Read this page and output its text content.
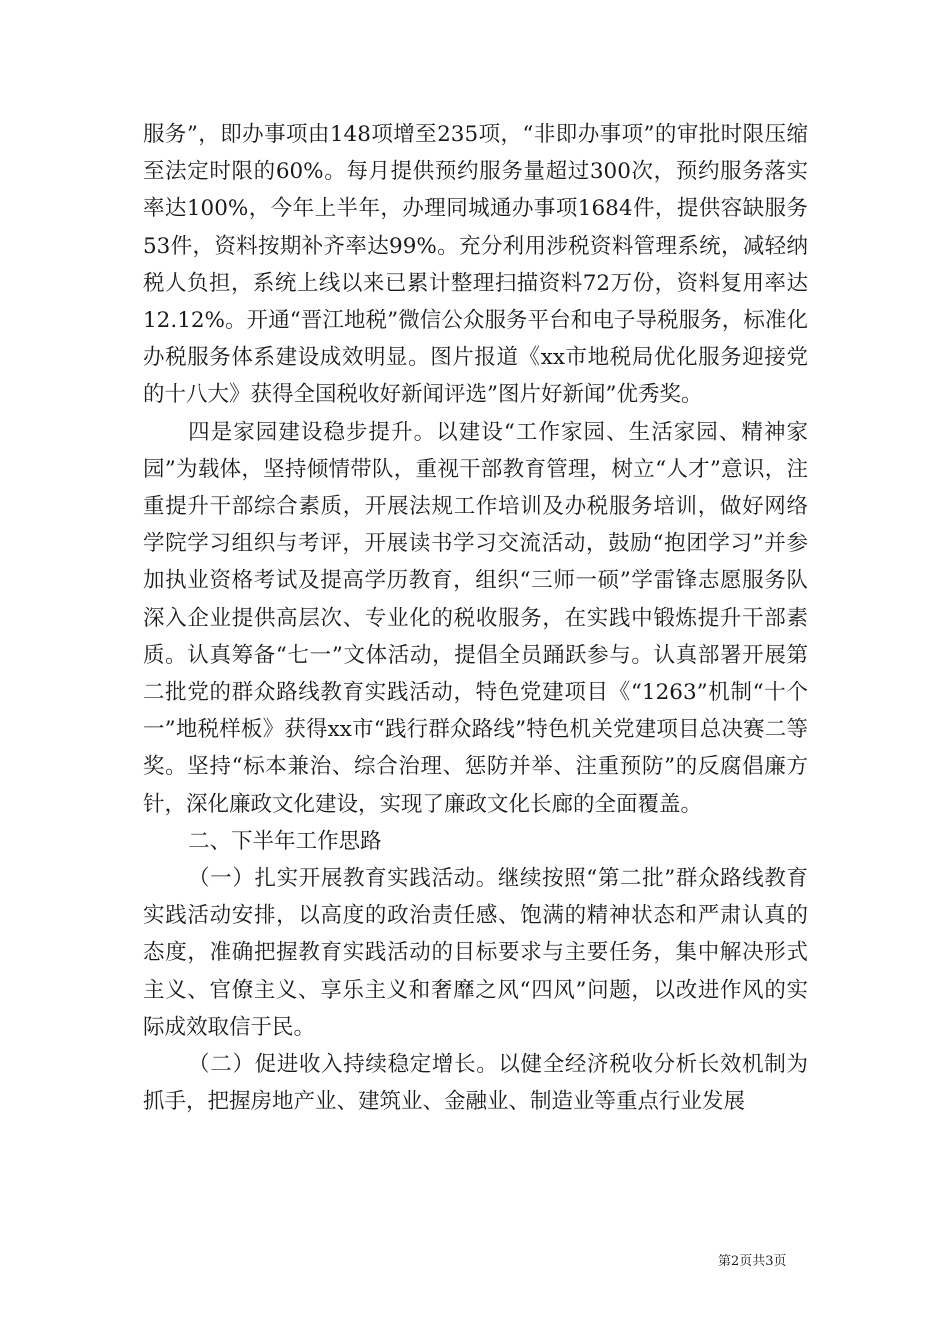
服务”，即办事项由148项增至235项，“非即办事项”的审批时限压缩至法定时限的60%。每月提供预约服务量超过300次，预约服务落实率达100%，今年上半年，办理同城通办事项1684件，提供容缺服务53件，资料按期补齐率达99%。充分利用涉税资料管理系统，减轻纳税人负担，系统上线以来已累计整理扫描资料72万份，资料复用率达12.12%。开通“晋江地税”微信公众服务平台和电子导税服务，标准化办税服务体系建设成效明显。图片报道《xx市地税局优化服务迎接党的十八大》获得全国税收好新闻评选”图片好新闻”优秀奖。

四是家园建设稳步提升。以建设“工作家园、生活家园、精神家园”为载体，坚持倾情带队，重视干部教育管理，树立“人才”意识，注重提升干部综合素质，开展法规工作培训及办税服务培训，做好网络学院学习组织与考评，开展读书学习交流活动，鼓励“抱团学习”并参加执业资格考试及提高学历教育，组织“三师一硕”学雷锋志愿服务队深入企业提供高层次、专业化的税收服务，在实践中锻炼提升干部素质。认真筹备“七一”文体活动，提倡全员踊跃参与。认真部署开展第二批党的群众路线教育实践活动，特色党建项目《“1263”机制“十个一”地税样板》获得xx市“践行群众路线”特色机关党建项目总决赛二等奖。坚持“标本兼治、综合治理、惩防并举、注重预防”的反腐倡廉方针，深化廉政文化建设，实现了廉政文化长廊的全面覆盖。

二、下半年工作思路

（一）扎实开展教育实践活动。继续按照“第二批”群众路线教育实践活动安排，以高度的政治责任感、饱满的精神状态和严肃认真的态度，准确把握教育实践活动的目标要求与主要任务，集中解决形式主义、官僚主义、享乐主义和奢靡之风“四风”问题，以改进作风的实际成效取信于民。

（二）促进收入持续稳定增长。以健全经济税收分析长效机制为抓手，把握房地产业、建筑业、金融业、制造业等重点行业发展

第2页共3页
